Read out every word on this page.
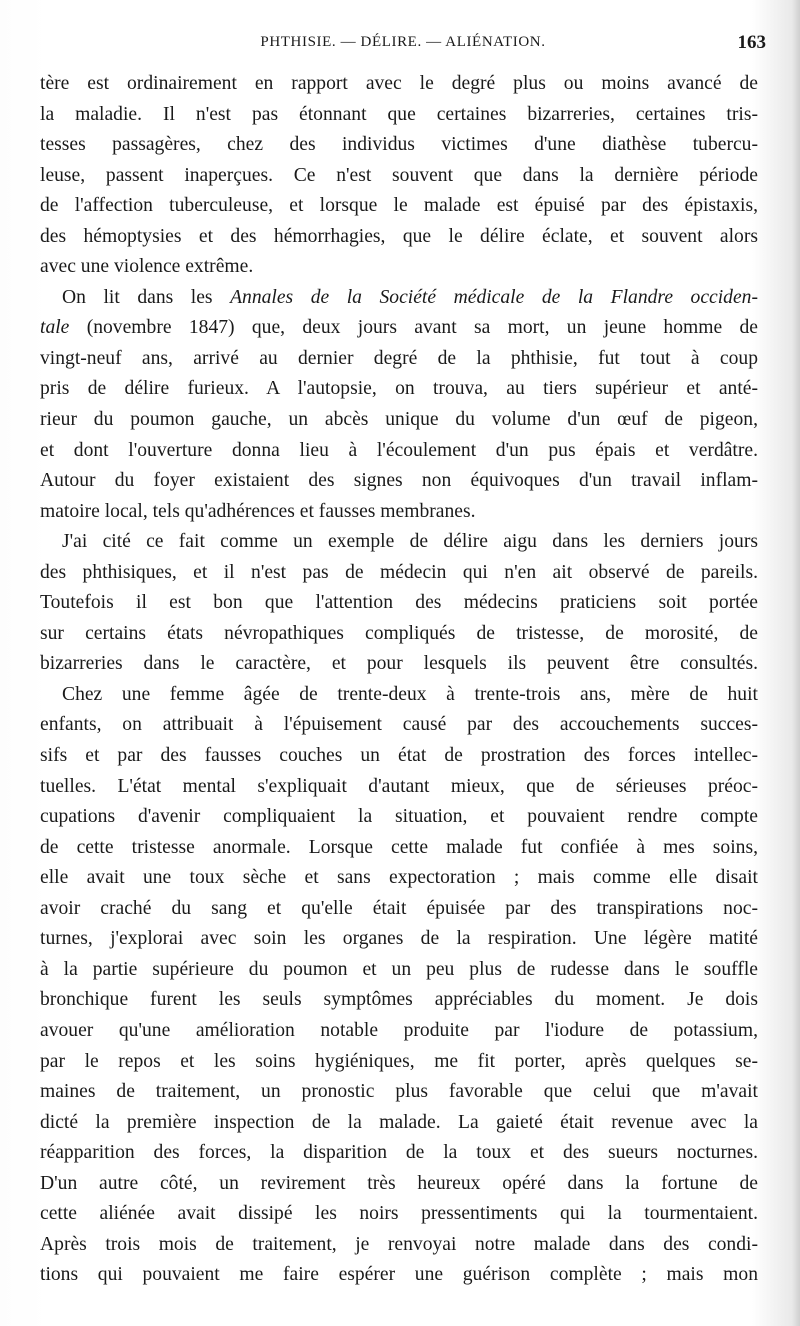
PHTHISIE. — DÉLIRE. — ALIÉNATION.	163
tère est ordinairement en rapport avec le degré plus ou moins avancé de
la maladie. Il n'est pas étonnant que certaines bizarreries, certaines tris-
tesses passagères, chez des individus victimes d'une diathèse tubercu-
leuse, passent inaperçues. Ce n'est souvent que dans la dernière période
de l'affection tuberculeuse, et lorsque le malade est épuisé par des épistaxis,
des hémoptysies et des hémorrhagies, que le délire éclate, et souvent alors
avec une violence extrême.
On lit dans les Annales de la Société médicale de la Flandre occiden-
tale (novembre 1847) que, deux jours avant sa mort, un jeune homme de
vingt-neuf ans, arrivé au dernier degré de la phthisie, fut tout à coup
pris de délire furieux. A l'autopsie, on trouva, au tiers supérieur et anté-
rieur du poumon gauche, un abcès unique du volume d'un œuf de pigeon,
et dont l'ouverture donna lieu à l'écoulement d'un pus épais et verdâtre.
Autour du foyer existaient des signes non équivoques d'un travail inflam-
matoire local, tels qu'adhérences et fausses membranes.
J'ai cité ce fait comme un exemple de délire aigu dans les derniers jours
des phthisiques, et il n'est pas de médecin qui n'en ait observé de pareils.
Toutefois il est bon que l'attention des médecins praticiens soit portée
sur certains états névropathiques compliqués de tristesse, de morosité, de
bizarreries dans le caractère, et pour lesquels ils peuvent être consultés.
Chez une femme âgée de trente-deux à trente-trois ans, mère de huit
enfants, on attribuait à l'épuisement causé par des accouchements succes-
sifs et par des fausses couches un état de prostration des forces intellec-
tuelles. L'état mental s'expliquait d'autant mieux, que de sérieuses préoc-
cupations d'avenir compliquaient la situation, et pouvaient rendre compte
de cette tristesse anormale. Lorsque cette malade fut confiée à mes soins,
elle avait une toux sèche et sans expectoration ; mais comme elle disait
avoir craché du sang et qu'elle était épuisée par des transpirations noc-
turnes, j'explorai avec soin les organes de la respiration. Une légère matité
à la partie supérieure du poumon et un peu plus de rudesse dans le souffle
bronchique furent les seuls symptômes appréciables du moment. Je dois
avouer qu'une amélioration notable produite par l'iodure de potassium,
par le repos et les soins hygiéniques, me fit porter, après quelques se-
maines de traitement, un pronostic plus favorable que celui que m'avait
dicté la première inspection de la malade. La gaieté était revenue avec la
réapparition des forces, la disparition de la toux et des sueurs nocturnes.
D'un autre côté, un revirement très heureux opéré dans la fortune de
cette aliénée avait dissipé les noirs pressentiments qui la tourmentaient.
Après trois mois de traitement, je renvoyai notre malade dans des condi-
tions qui pouvaient me faire espérer une guérison complète ; mais mon
